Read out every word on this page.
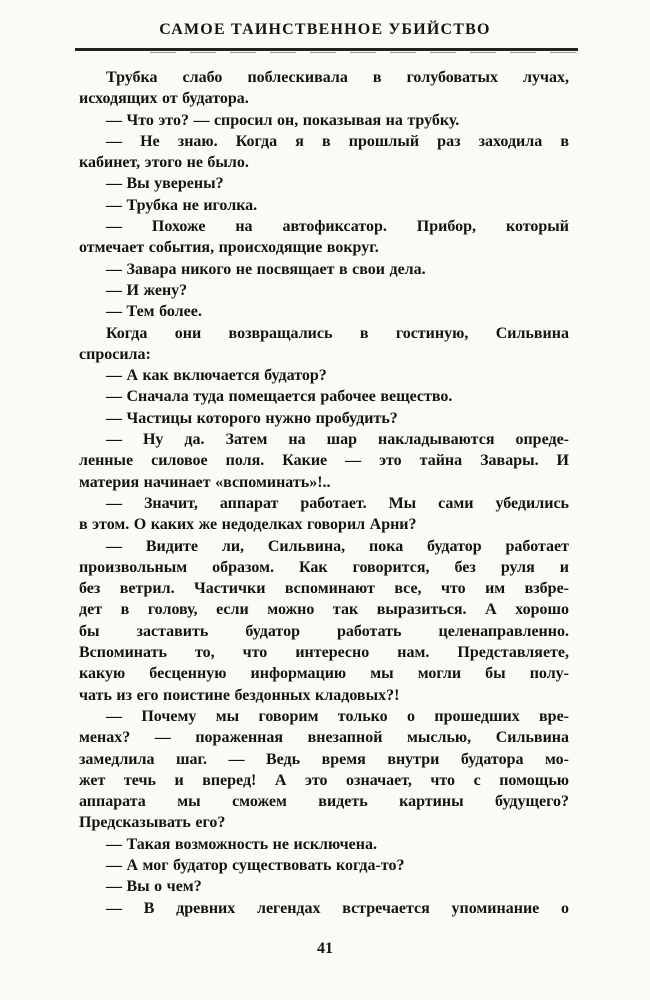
САМОЕ ТАИНСТВЕННОЕ УБИЙСТВО
Трубка слабо поблескивала в голубоватых лучах,
исходящих от будатора.
— Что это? — спросил он, показывая на трубку.
— Не знаю. Когда я в прошлый раз заходила в
кабинет, этого не было.
— Вы уверены?
— Трубка не иголка.
— Похоже на автофиксатор. Прибор, который
отмечает события, происходящие вокруг.
— Завара никого не посвящает в свои дела.
— И жену?
— Тем более.
Когда они возвращались в гостиную, Сильвина
спросила:
— А как включается будатор?
— Сначала туда помещается рабочее вещество.
— Частицы которого нужно пробудить?
— Ну да. Затем на шар накладываются опреде-
ленные силовое поля. Какие — это тайна Завары. И
материя начинает «вспоминать»!..
— Значит, аппарат работает. Мы сами убедились
в этом. О каких же недоделках говорил Арни?
— Видите ли, Сильвина, пока будатор работает
произвольным образом. Как говорится, без руля и
без ветрил. Частички вспоминают все, что им взбре-
дет в голову, если можно так выразиться. А хорошо
бы заставить будатор работать целенаправленно.
Вспоминать то, что интересно нам. Представляете,
какую бесценную информацию мы могли бы полу-
чать из его поистине бездонных кладовых?!
— Почему мы говорим только о прошедших вре-
менах? — пораженная внезапной мыслью, Сильвина
замедлила шаг. — Ведь время внутри будатора мо-
жет течь и вперед! А это означает, что с помощью
аппарата мы сможем видеть картины будущего?
Предсказывать его?
— Такая возможность не исключена.
— А мог будатор существовать когда-то?
— Вы о чем?
— В древних легендах встречается упоминание о
41
